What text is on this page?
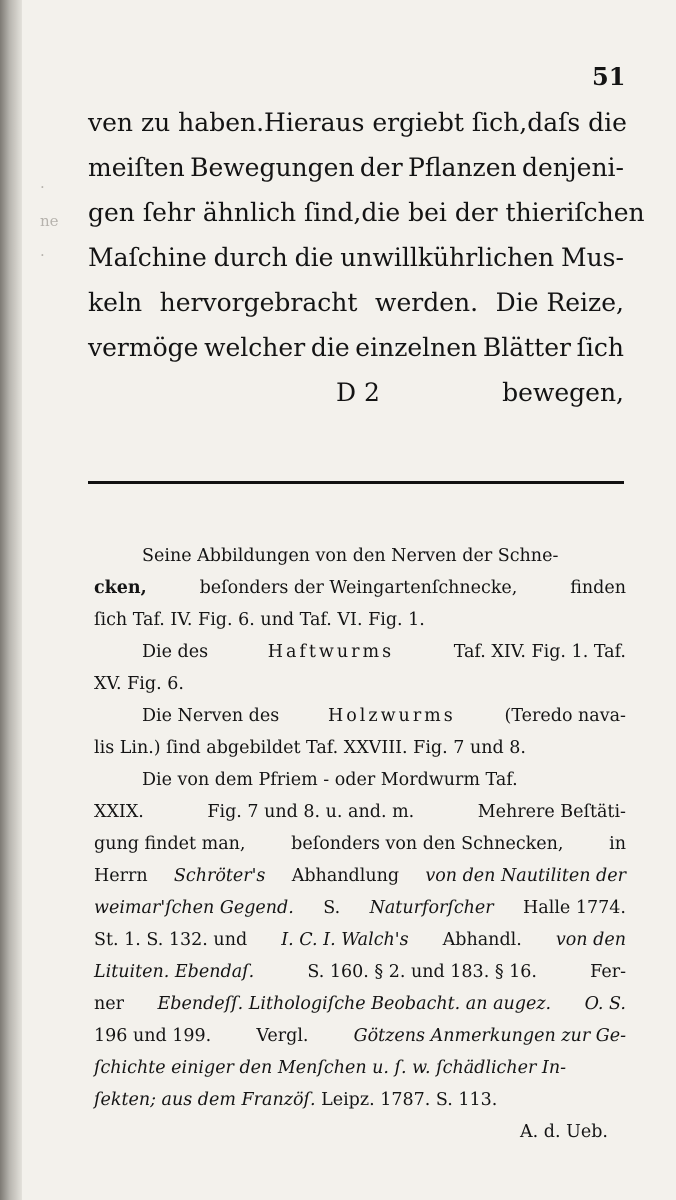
·
ne
·
51
ven zu haben. Hieraus ergiebt ſich, daſs die
meiſten Bewegungen der Pflanzen denjeni-
gen ſehr ähnlich ſind, die bei der thieriſchen
Maſchine durch die unwillkührlichen Mus-
keln hervorgebracht werden. Die Reize,
vermöge welcher die einzelnen Blätter ſich
D 2	bewegen,
Seine Abbildungen von den Nerven der Schne-
cken,	beſonders der Weingartenſchnecke,	finden
ſich Taf. IV. Fig. 6. und Taf. VI. Fig. 1.
Die des	Haftwurms	Taf. XIV. Fig. 1. Taf.
XV. Fig. 6.
Die Nerven des	Holzwurms	(Teredo nava-
lis Lin.) ſind abgebildet Taf. XXVIII. Fig. 7 und 8.
Die von dem Pfriem - oder Mordwurm Taf.
XXIX.	Fig. 7 und 8. u. and. m.	Mehrere Beſtäti-
gung findet man,	beſonders von den Schnecken,	in
Herrn Schröter's Abhandlung von den Nautiliten der
weimar'ſchen Gegend. S. Naturforſcher Halle 1774.
St. 1. S. 132. und I. C. I. Walch's Abhandl. von den
Lituiten. Ebendaſ.	S. 160. § 2. und 183. § 16.	Fer-
ner Ebendeſſ. Lithologiſche Beobacht. an augez. O. S.
196 und 199.	Vergl.	Götzens Anmerkungen zur Ge-
ſchichte einiger den Menſchen u. ſ. w. ſchädlicher In-
ſekten; aus dem Franzöſ.
Leipz. 1787. S. 113.
A. d. Ueb.
